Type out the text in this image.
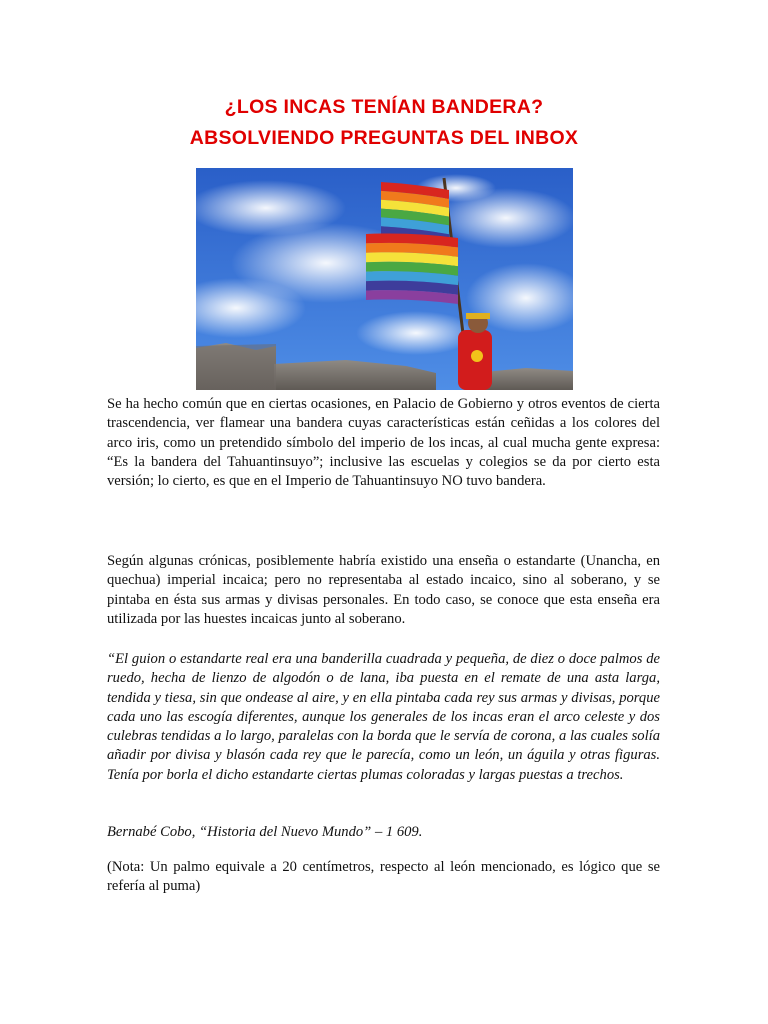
¿LOS INCAS TENÍAN BANDERA?
ABSOLVIENDO PREGUNTAS DEL INBOX

Se ha hecho común que en ciertas ocasiones, en Palacio de Gobierno y otros eventos de cierta trascendencia, ver flamear una bandera cuyas características están ceñidas a los colores del arco iris, como un pretendido símbolo del imperio de los incas, al cual mucha gente expresa: “Es la bandera del Tahuantinsuyo”; inclusive las escuelas y colegios se da por cierto esta versión; lo cierto, es que en el Imperio de Tahuantinsuyo NO tuvo bandera.

Según algunas crónicas, posiblemente habría existido una enseña o estandarte (Unancha, en quechua) imperial incaica; pero no representaba al estado incaico, sino al soberano, y se pintaba en ésta sus armas y divisas personales. En todo caso, se conoce que esta enseña era utilizada por las huestes incaicas junto al soberano.

“El guion o estandarte real era una banderilla cuadrada y pequeña, de diez o doce palmos de ruedo, hecha de lienzo de algodón o de lana, iba puesta en el remate de una asta larga, tendida y tiesa, sin que ondease al aire, y en ella pintaba cada rey sus armas y divisas, porque cada uno las escogía diferentes, aunque los generales de los incas eran el arco celeste y dos culebras tendidas a lo largo, paralelas con la borda que le servía de corona, a las cuales solía añadir por divisa y blasón cada rey que le parecía, como un león, un águila y otras figuras. Tenía por borla el dicho estandarte ciertas plumas coloradas y largas puestas a trechos.

Bernabé Cobo, “Historia del Nuevo Mundo” – 1 609.

(Nota: Un palmo equivale a 20 centímetros, respecto al león mencionado, es lógico que se refería al puma)
